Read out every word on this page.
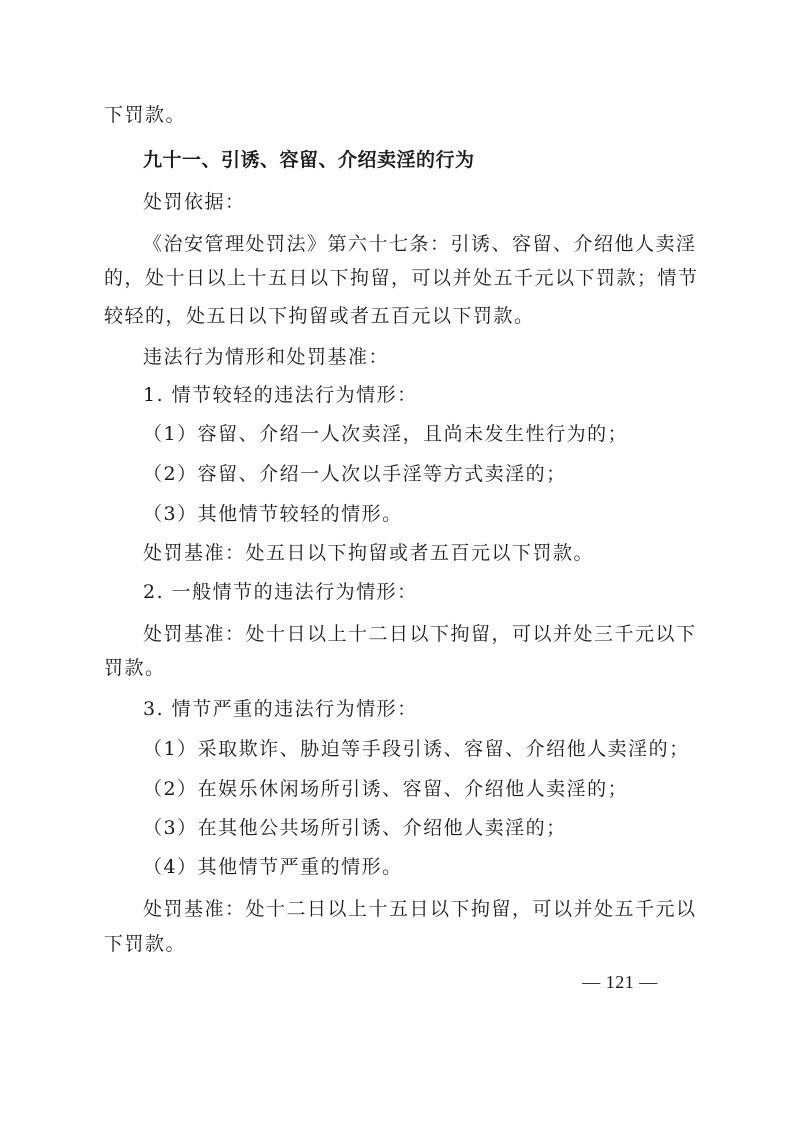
下罚款。
九十一、引诱、容留、介绍卖淫的行为
处罚依据：
《治安管理处罚法》第六十七条：引诱、容留、介绍他人卖淫
的，处十日以上十五日以下拘留，可以并处五千元以下罚款；情节
较轻的，处五日以下拘留或者五百元以下罚款。
违法行为情形和处罚基准：
1. 情节较轻的违法行为情形：
（1）容留、介绍一人次卖淫，且尚未发生性行为的；
（2）容留、介绍一人次以手淫等方式卖淫的；
（3）其他情节较轻的情形。
处罚基准：处五日以下拘留或者五百元以下罚款。
2. 一般情节的违法行为情形：
处罚基准：处十日以上十二日以下拘留，可以并处三千元以下
罚款。
3. 情节严重的违法行为情形：
（1）采取欺诈、胁迫等手段引诱、容留、介绍他人卖淫的；
（2）在娱乐休闲场所引诱、容留、介绍他人卖淫的；
（3）在其他公共场所引诱、介绍他人卖淫的；
（4）其他情节严重的情形。
处罚基准：处十二日以上十五日以下拘留，可以并处五千元以
下罚款。
— 121 —
